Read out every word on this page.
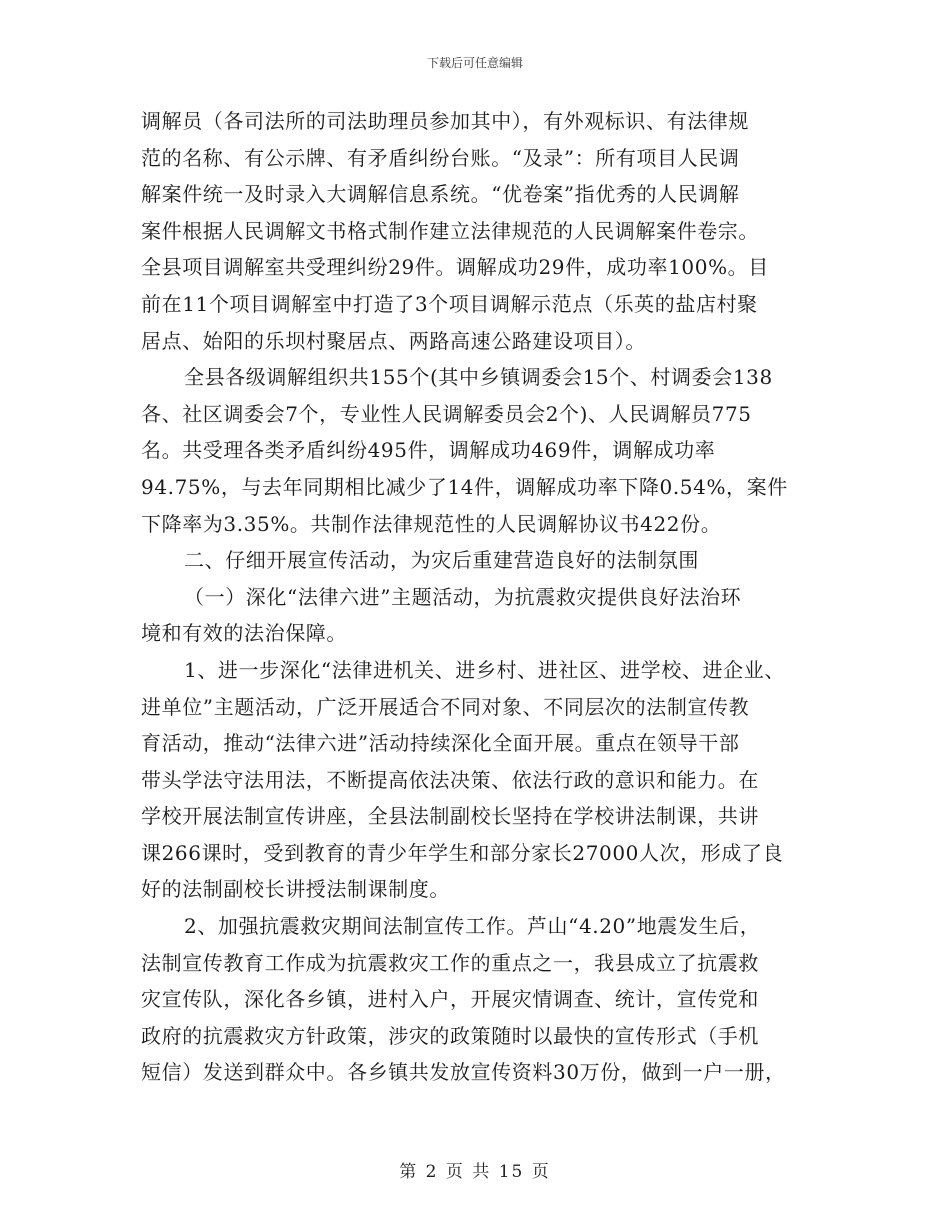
下载后可任意编辑
调解员（各司法所的司法助理员参加其中），有外观标识、有法律规
范的名称、有公示牌、有矛盾纠纷台账。“及录”：所有项目人民调
解案件统一及时录入大调解信息系统。“优卷案”指优秀的人民调解
案件根据人民调解文书格式制作建立法律规范的人民调解案件卷宗。
全县项目调解室共受理纠纷29件。调解成功29件，成功率100%。目
前在11个项目调解室中打造了3个项目调解示范点（乐英的盐店村聚
居点、始阳的乐坝村聚居点、两路高速公路建设项目）。
全县各级调解组织共155个(其中乡镇调委会15个、村调委会138
各、社区调委会7个，专业性人民调解委员会2个)、人民调解员775
名。共受理各类矛盾纠纷495件，调解成功469件，调解成功率
94.75%，与去年同期相比减少了14件，调解成功率下降0.54%，案件
下降率为3.35%。共制作法律规范性的人民调解协议书422份。
二、仔细开展宣传活动，为灾后重建营造良好的法制氛围
（一）深化“法律六进”主题活动，为抗震救灾提供良好法治环
境和有效的法治保障。
1、进一步深化“法律进机关、进乡村、进社区、进学校、进企业、
进单位”主题活动，广泛开展适合不同对象、不同层次的法制宣传教
育活动，推动“法律六进”活动持续深化全面开展。重点在领导干部
带头学法守法用法，不断提高依法决策、依法行政的意识和能力。在
学校开展法制宣传讲座，全县法制副校长坚持在学校讲法制课，共讲
课266课时，受到教育的青少年学生和部分家长27000人次，形成了良
好的法制副校长讲授法制课制度。
2、加强抗震救灾期间法制宣传工作。芦山“4.20”地震发生后，
法制宣传教育工作成为抗震救灾工作的重点之一，我县成立了抗震救
灾宣传队，深化各乡镇，进村入户，开展灾情调查、统计，宣传党和
政府的抗震救灾方针政策，涉灾的政策随时以最快的宣传形式（手机
短信）发送到群众中。各乡镇共发放宣传资料30万份，做到一户一册，
第 2 页 共 15 页
